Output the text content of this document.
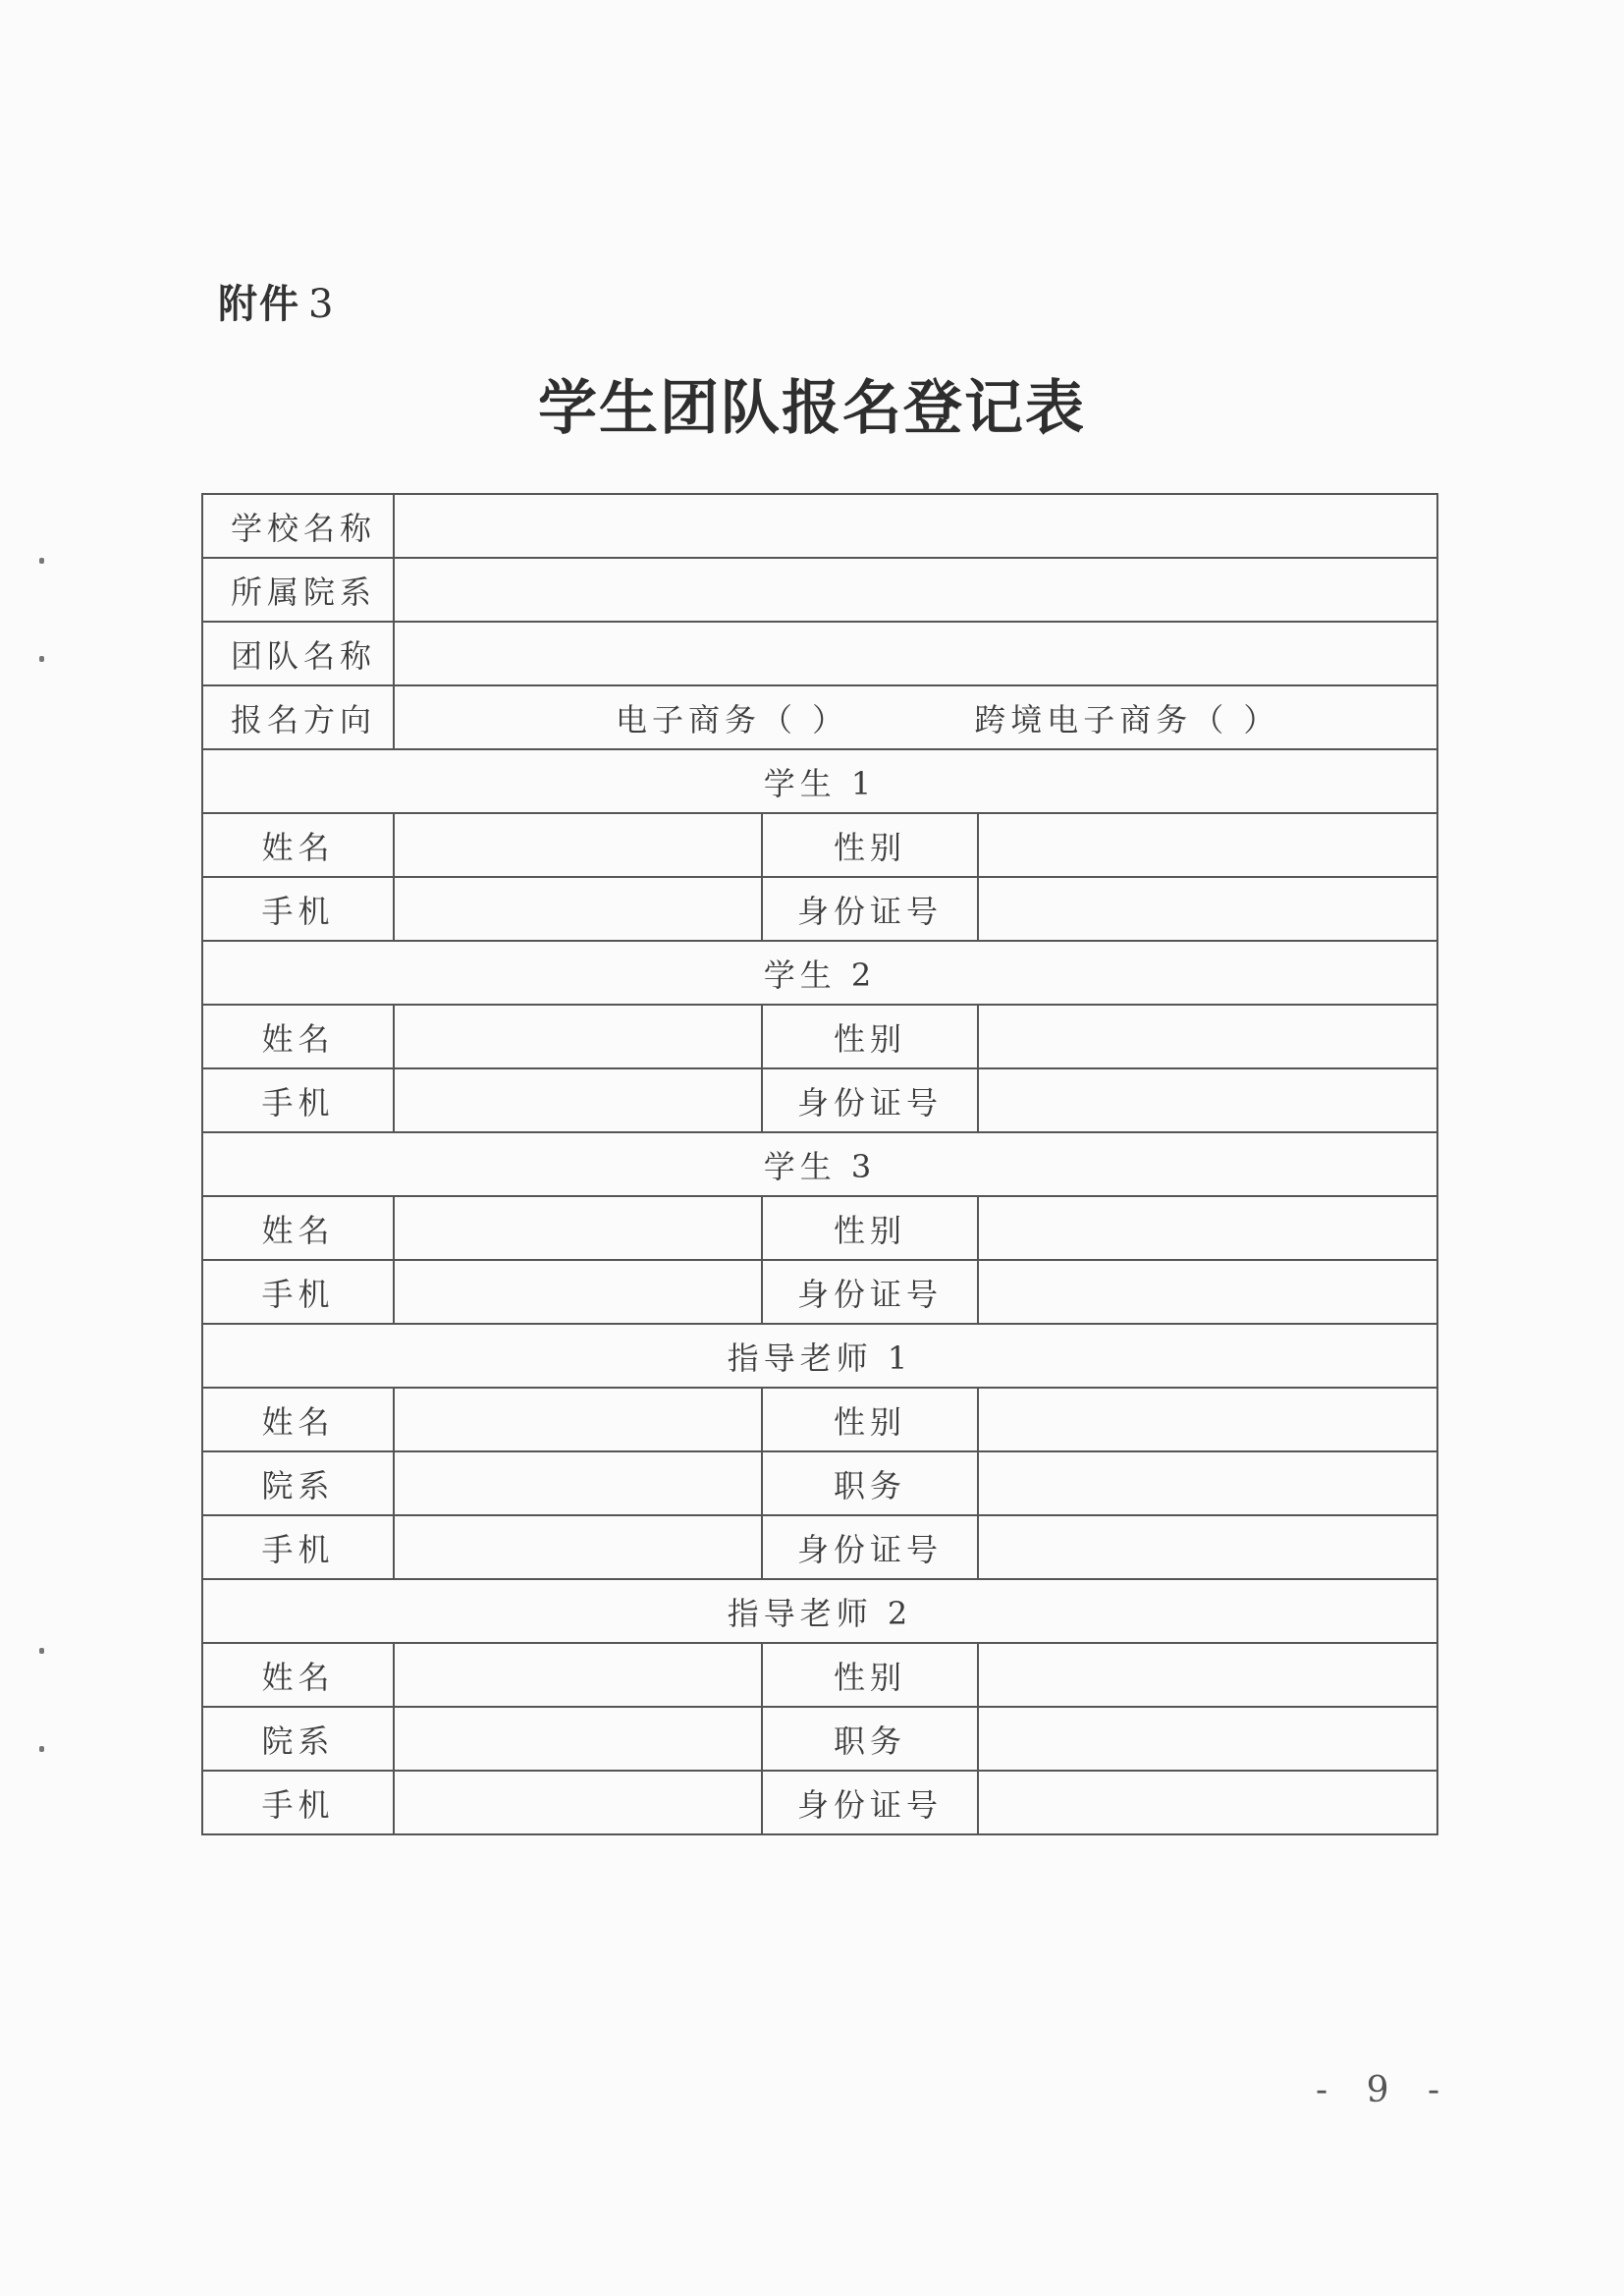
附件 3
学生团队报名登记表
学校名称			
所属院系			
团队名称			
报名方向	电子商务（ ） 跨境电子商务（ ）		
学生 1			
姓名		性别	
手机		身份证号	
学生 2			
姓名		性别	
手机		身份证号	
学生 3			
姓名		性别	
手机		身份证号	
指导老师 1			
姓名		性别	
院系		职务	
手机		身份证号	
指导老师 2			
姓名		性别	
院系		职务	
手机		身份证号	
- 9 -
